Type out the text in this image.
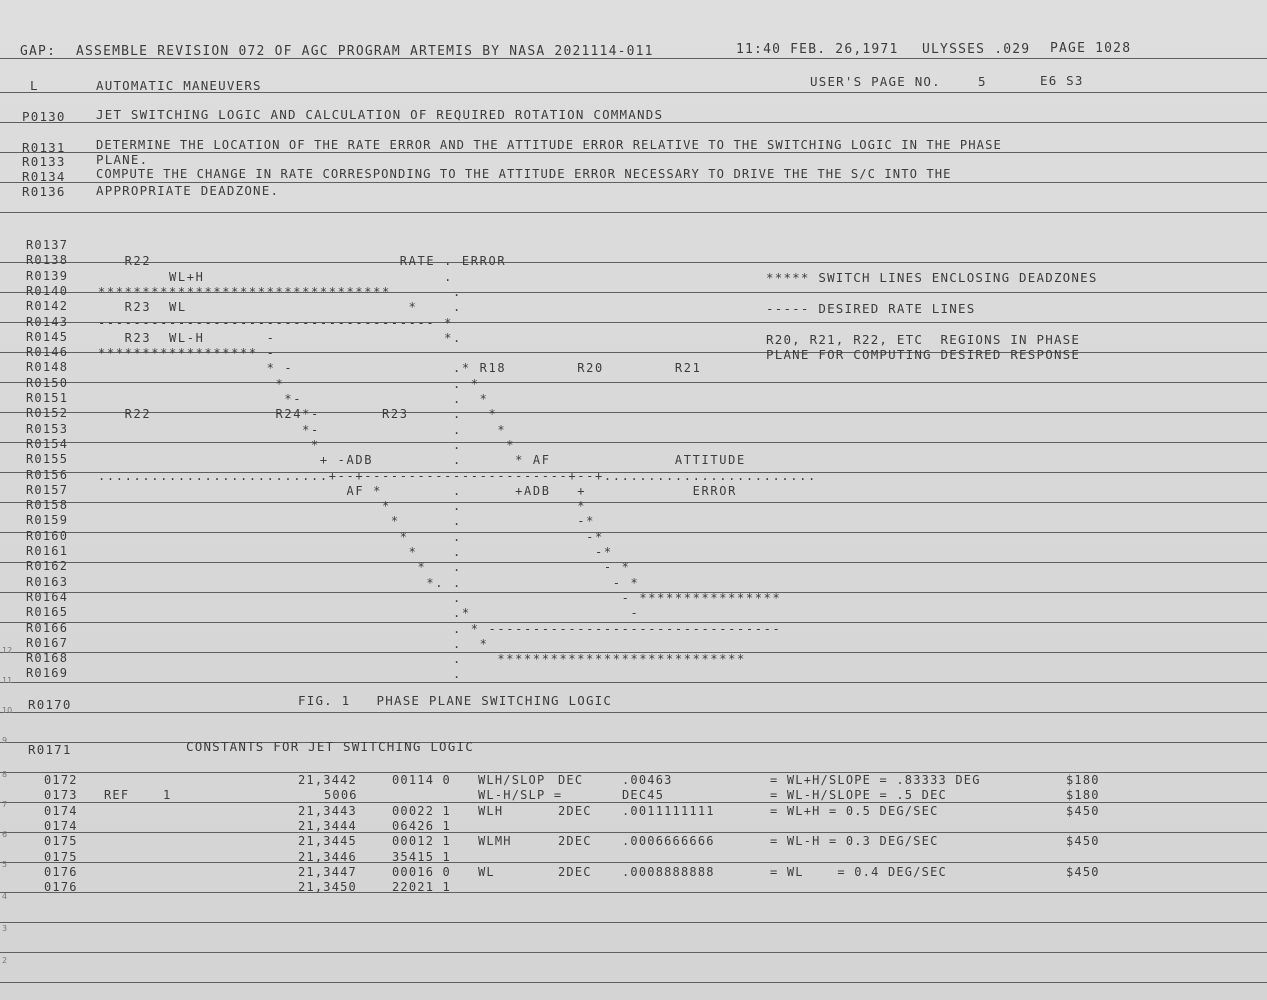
12
11
10
9
8
7
6
5
4
3
2
GAP: ASSEMBLE REVISION 072 OF AGC PROGRAM ARTEMIS BY NASA 2021114-011	11:40 FEB. 26,1971 ULYSSES .029 PAGE 1028
L	AUTOMATIC MANEUVERS	USER'S PAGE NO.	5	E6 S3
P0130 JET SWITCHING LOGIC AND CALCULATION OF REQUIRED ROTATION COMMANDS
R0131 DETERMINE THE LOCATION OF THE RATE ERROR AND THE ATTITUDE ERROR RELATIVE TO THE SWITCHING LOGIC IN THE PHASE
R0133 PLANE.
R0134 COMPUTE THE CHANGE IN RATE CORRESPONDING TO THE ATTITUDE ERROR NECESSARY TO DRIVE THE THE S/C INTO THE
R0136 APPROPRIATE DEADZONE.
R0137
R0138 R22                            RATE . ERROR
R0139 WL+H                           .
R0140 *********************************       .
R0142 R23  WL                         *    .
R0143 -------------------------------------- *
R0145 R23  WL-H       -                   *.
R0146 ****************** -
R0148 * -                  .* R18        R20        R21
R0150 *                   . *
R0151 *-                 .  *
R0152 R22              R24*-       R23     .   *
R0153 *-               .    *
R0154 *               .     *
R0155 + -ADB         .      * AF              ATTITUDE
R0156 ..........................+--+-----------------------+--+........................
R0157 AF *        .      +ADB   +            ERROR
R0158 *       .             *
R0159 *      .             -*
R0160 *     .              -*
R0161 *    .               -*
R0162 *   .                - *
R0163 *. .                 - *
R0164 .                  - ****************
R0165 .*                  -
R0166 . * ---------------------------------
R0167 .  *
R0168 .    ****************************
R0169 .
***** SWITCH LINES ENCLOSING DEADZONES
----- DESIRED RATE LINES
R20, R21, R22, ETC  REGIONS IN PHASE
PLANE FOR COMPUTING DESIRED RESPONSE
R0170	FIG. 1   PHASE PLANE SWITCHING LOGIC
R0171	CONSTANTS FOR JET SWITCHING LOGIC
0172	21,3442	00114 0 WLH/SLOP DEC	.00463	= WL+H/SLOPE = .83333 DEG	$180
0173 REF    1	5006	WL-H/SLP =	DEC45	= WL-H/SLOPE = .5 DEC	$180
0174	21,3443	00022 1 WLH	2DEC	.0011111111	= WL+H = 0.5 DEG/SEC	$450
0174	21,3444	06426 1
0175	21,3445	00012 1 WLMH	2DEC	.0006666666	= WL-H = 0.3 DEG/SEC	$450
0175	21,3446	35415 1
0176	21,3447	00016 0 WL	2DEC	.0008888888	= WL    = 0.4 DEG/SEC	$450
0176	21,3450	22021 1
